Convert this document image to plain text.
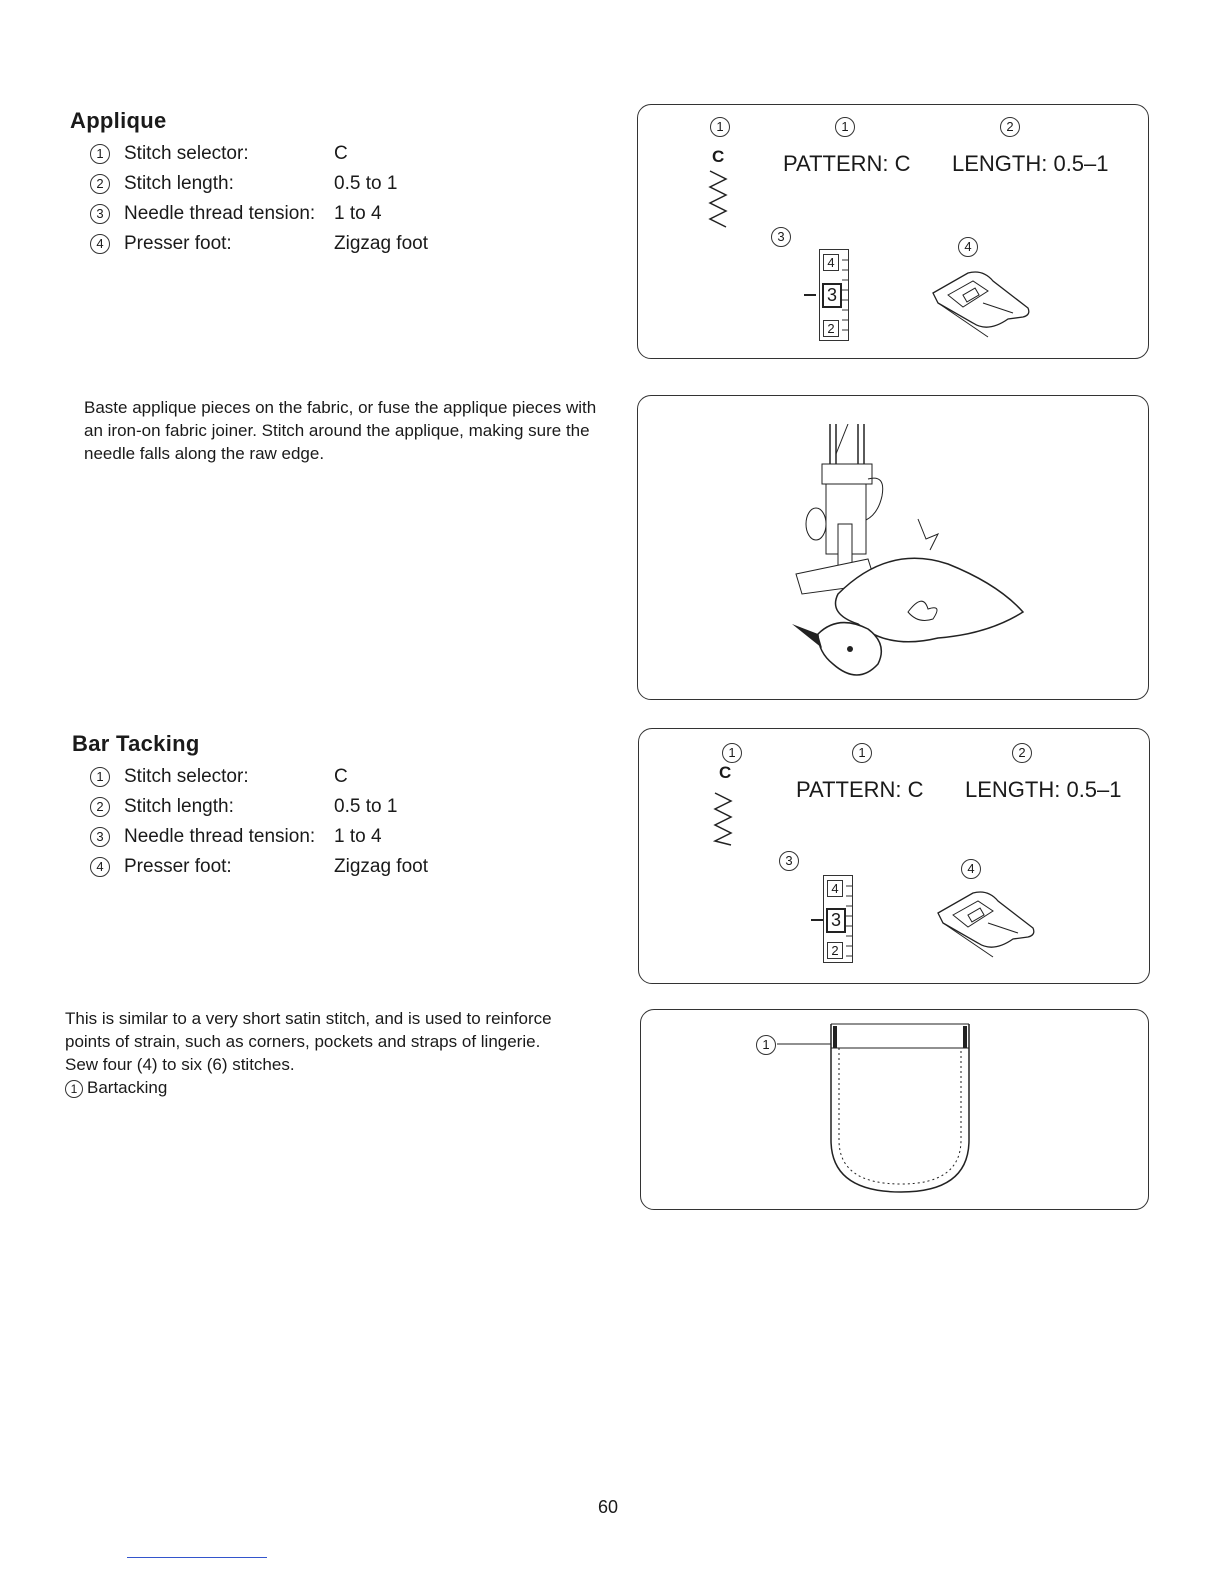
Applique
1	Stitch selector:	C
2	Stitch length:	0.5 to 1
3	Needle thread tension: 1 to 4
4	Presser foot:	Zigzag foot
Baste applique pieces on the fabric, or fuse the applique pieces with an iron-on fabric joiner. Stitch around the applique, making sure the needle falls along the raw edge.
1	1	2
C	PATTERN: C LENGTH: 0.5–1
3
4
4
3
2
Bar Tacking
1	Stitch selector:	C
2	Stitch length:	0.5 to 1
3	Needle thread tension: 1 to 4
4	Presser foot:	Zigzag foot
This is similar to a very short satin stitch, and is used to reinforce points of strain, such as corners, pockets and straps of lingerie.
Sew four (4) to six (6) stitches.
1 Bartacking
1	1	2
C
PATTERN: C LENGTH: 0.5–1
3
4
4
3
2
1
60
